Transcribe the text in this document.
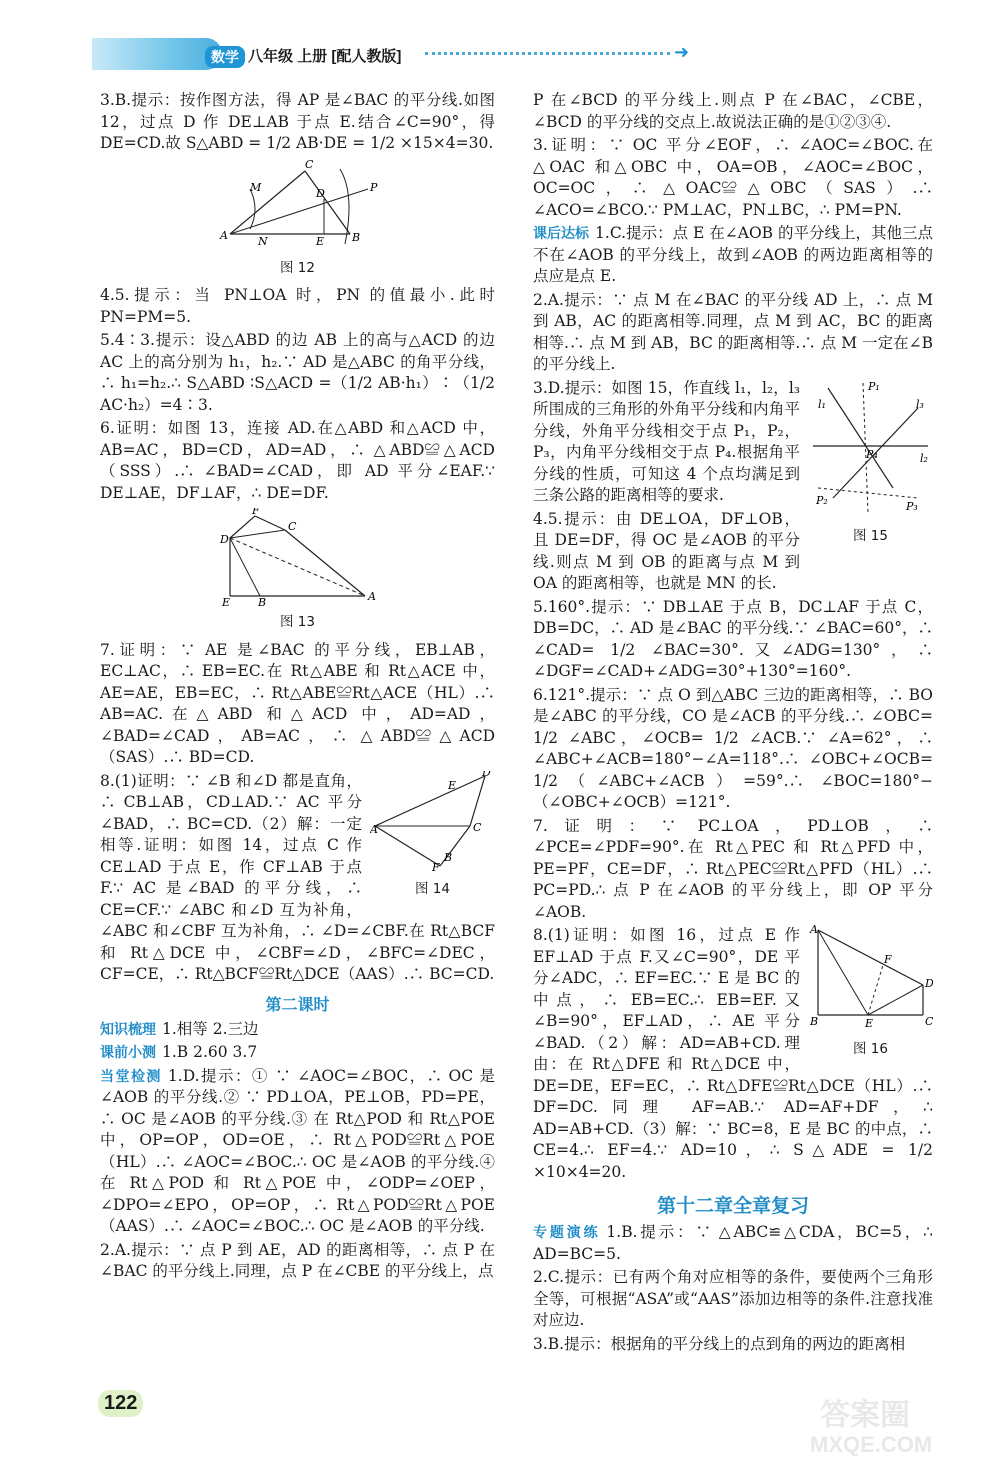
数学 八年级 上册 [配人教版]	➜

3.B.提示：按作图方法，得 AP 是∠BAC 的平分线.如图12，过点 D 作 DE⊥AB 于点 E.结合∠C=90°，得 DE=CD.故 S△ABD = 1/2 AB·DE = 1/2 ×15×4=30.

A	B
C
D
E
M
N
P
图 12

4.5.提示：当 PN⊥OA 时，PN 的值最小.此时 PN=PM=5.

5.4∶3.提示：设△ABD 的边 AB 上的高与△ACD 的边 AC 上的高分别为 h₁，h₂.∵ AD 是△ABC 的角平分线，∴ h₁=h₂.∴ S△ABD ∶S△ACD =（1/2 AB·h₁）∶（1/2 AC·h₂）=4∶3.

6.证明：如图 13，连接 AD.在△ABD 和△ACD 中，AB=AC，BD=CD，AD=AD，∴ △ABD≌△ACD（SSS）.∴ ∠BAD=∠CAD，即 AD 平分∠EAF.∵ DE⊥AE，DF⊥AF，∴ DE=DF.

D
E	B	A
F
C
图 13

7.证明：∵ AE 是∠BAC 的平分线，EB⊥AB，EC⊥AC，∴ EB=EC.在 Rt△ABE 和 Rt△ACE 中，AE=AE，EB=EC，∴ Rt△ABE≌Rt△ACE（HL）.∴ AB=AC.在△ABD 和△ACD 中，AD=AD，∠BAD=∠CAD，AB=AC，∴ △ABD≌△ACD（SAS）.∴ BD=CD.

A
D
E
C
B
F
图 14

8.(1)证明：∵ ∠B 和∠D 都是直角，∴ CB⊥AB，CD⊥AD.∵ AC 平分∠BAD，∴ BC=CD.（2）解：一定相等.证明：如图 14，过点 C 作 CE⊥AD 于点 E，作 CF⊥AB 于点 F.∵ AC 是∠BAD 的平分线，∴ CE=CF.∵ ∠ABC 和∠D 互为补角，∠ABC 和∠CBF 互为补角，∴ ∠D=∠CBF.在 Rt△BCF 和 Rt△DCE 中，∠CBF=∠D，∠BFC=∠DEC，CF=CE，∴ Rt△BCF≌Rt△DCE（AAS）.∴ BC=CD.

第二课时

知识梳理 1.相等 2.三边

课前小测 1.B 2.60 3.7

当堂检测 1.D.提示：① ∵ ∠AOC=∠BOC，∴ OC 是∠AOB 的平分线.② ∵ PD⊥OA，PE⊥OB，PD=PE，∴ OC 是∠AOB 的平分线.③ 在 Rt△POD 和 Rt△POE 中，OP=OP，OD=OE，∴ Rt△POD≌Rt△POE（HL）.∴ ∠AOC=∠BOC.∴ OC 是∠AOB 的平分线.④ 在 Rt△POD 和 Rt△POE 中，∠ODP=∠OEP，∠DPO=∠EPO，OP=OP，∴ Rt△POD≌Rt△POE（AAS）.∴ ∠AOC=∠BOC.∴ OC 是∠AOB 的平分线.

2.A.提示：∵ 点 P 到 AE，AD 的距离相等，∴ 点 P 在∠BAC 的平分线上.同理，点 P 在∠CBE 的平分线上，点

P 在∠BCD 的平分线上.则点 P 在∠BAC，∠CBE，∠BCD 的平分线的交点上.故说法正确的是①②③④.

3.证明：∵ OC 平分∠EOF，∴ ∠AOC=∠BOC.在△OAC 和△OBC 中，OA=OB，∠AOC=∠BOC，OC=OC，∴ △OAC≌△OBC（SAS）.∴ ∠ACO=∠BCO.∵ PM⊥AC，PN⊥BC，∴ PM=PN.

课后达标 1.C.提示：点 E 在∠AOB 的平分线上，其他三点不在∠AOB 的平分线上，故到∠AOB 的两边距离相等的点应是点 E.

2.A.提示：∵ 点 M 在∠BAC 的平分线 AD 上，∴ 点 M 到 AB，AC 的距离相等.同理，点 M 到 AC，BC 的距离相等.∴ 点 M 到 AB，BC 的距离相等.∴ 点 M 一定在∠B 的平分线上.

P₁
l₁	l₃
l₂
P₄
P₂	P₃
图 15

3.D.提示：如图 15，作直线 l₁，l₂，l₃ 所围成的三角形的外角平分线和内角平分线，外角平分线相交于点 P₁，P₂，P₃，内角平分线相交于点 P₄.根据角平分线的性质，可知这 4 个点均满足到三条公路的距离相等的要求.

4.5.提示：由 DE⊥OA，DF⊥OB，且 DE=DF，得 OC 是∠AOB 的平分线.则点 M 到 OB 的距离与点 M 到 OA 的距离相等，也就是 MN 的长.

5.160°.提示：∵ DB⊥AE 于点 B，DC⊥AF 于点 C，DB=DC，∴ AD 是∠BAC 的平分线.∵ ∠BAC=60°，∴ ∠CAD= 1/2 ∠BAC=30°.又∠ADG=130°，∴ ∠DGF=∠CAD+∠ADG=30°+130°=160°.

6.121°.提示：∵ 点 O 到△ABC 三边的距离相等，∴ BO 是∠ABC 的平分线，CO 是∠ACB 的平分线.∴ ∠OBC= 1/2 ∠ABC，∠OCB= 1/2 ∠ACB.∵ ∠A=62°，∴ ∠ABC+∠ACB=180°−∠A=118°.∴ ∠OBC+∠OCB= 1/2（∠ABC+∠ACB）=59°.∴ ∠BOC=180°−（∠OBC+∠OCB）=121°.

7.证明：∵ PC⊥OA，PD⊥OB，∴ ∠PCE=∠PDF=90°.在 Rt△PEC 和 Rt△PFD 中，PE=PF，CE=DF，∴ Rt△PEC≌Rt△PFD（HL）.∴ PC=PD.∴ 点 P 在∠AOB 的平分线上，即 OP 平分∠AOB.

A
B	E	C
D
F
图 16

8.(1)证明：如图 16，过点 E 作 EF⊥AD 于点 F.又∠C=90°，DE 平分∠ADC，∴ EF=EC.∵ E 是 BC 的中点，∴ EB=EC.∴ EB=EF.又∠B=90°，EF⊥AD，∴ AE 平分∠BAD.（2）解：AD=AB+CD.理由：在 Rt△DFE 和 Rt△DCE 中，DE=DE，EF=EC，∴ Rt△DFE≌Rt△DCE（HL）.∴ DF=DC.同理 AF=AB.∵ AD=AF+DF，∴ AD=AB+CD.（3）解：∵ BC=8，E 是 BC 的中点，∴ CE=4.∴ EF=4.∵ AD=10，∴ S△ADE = 1/2 ×10×4=20.

第十二章全章复习

专题演练 1.B.提示：∵ △ABC≌△CDA，BC=5，∴ AD=BC=5.

2.C.提示：已有两个角对应相等的条件，要使两个三角形全等，可根据“ASA”或“AAS”添加边相等的条件.注意找准对应边.

3.B.提示：根据角的平分线上的点到角的两边的距离相

122	答案圈
MXQE.COM
